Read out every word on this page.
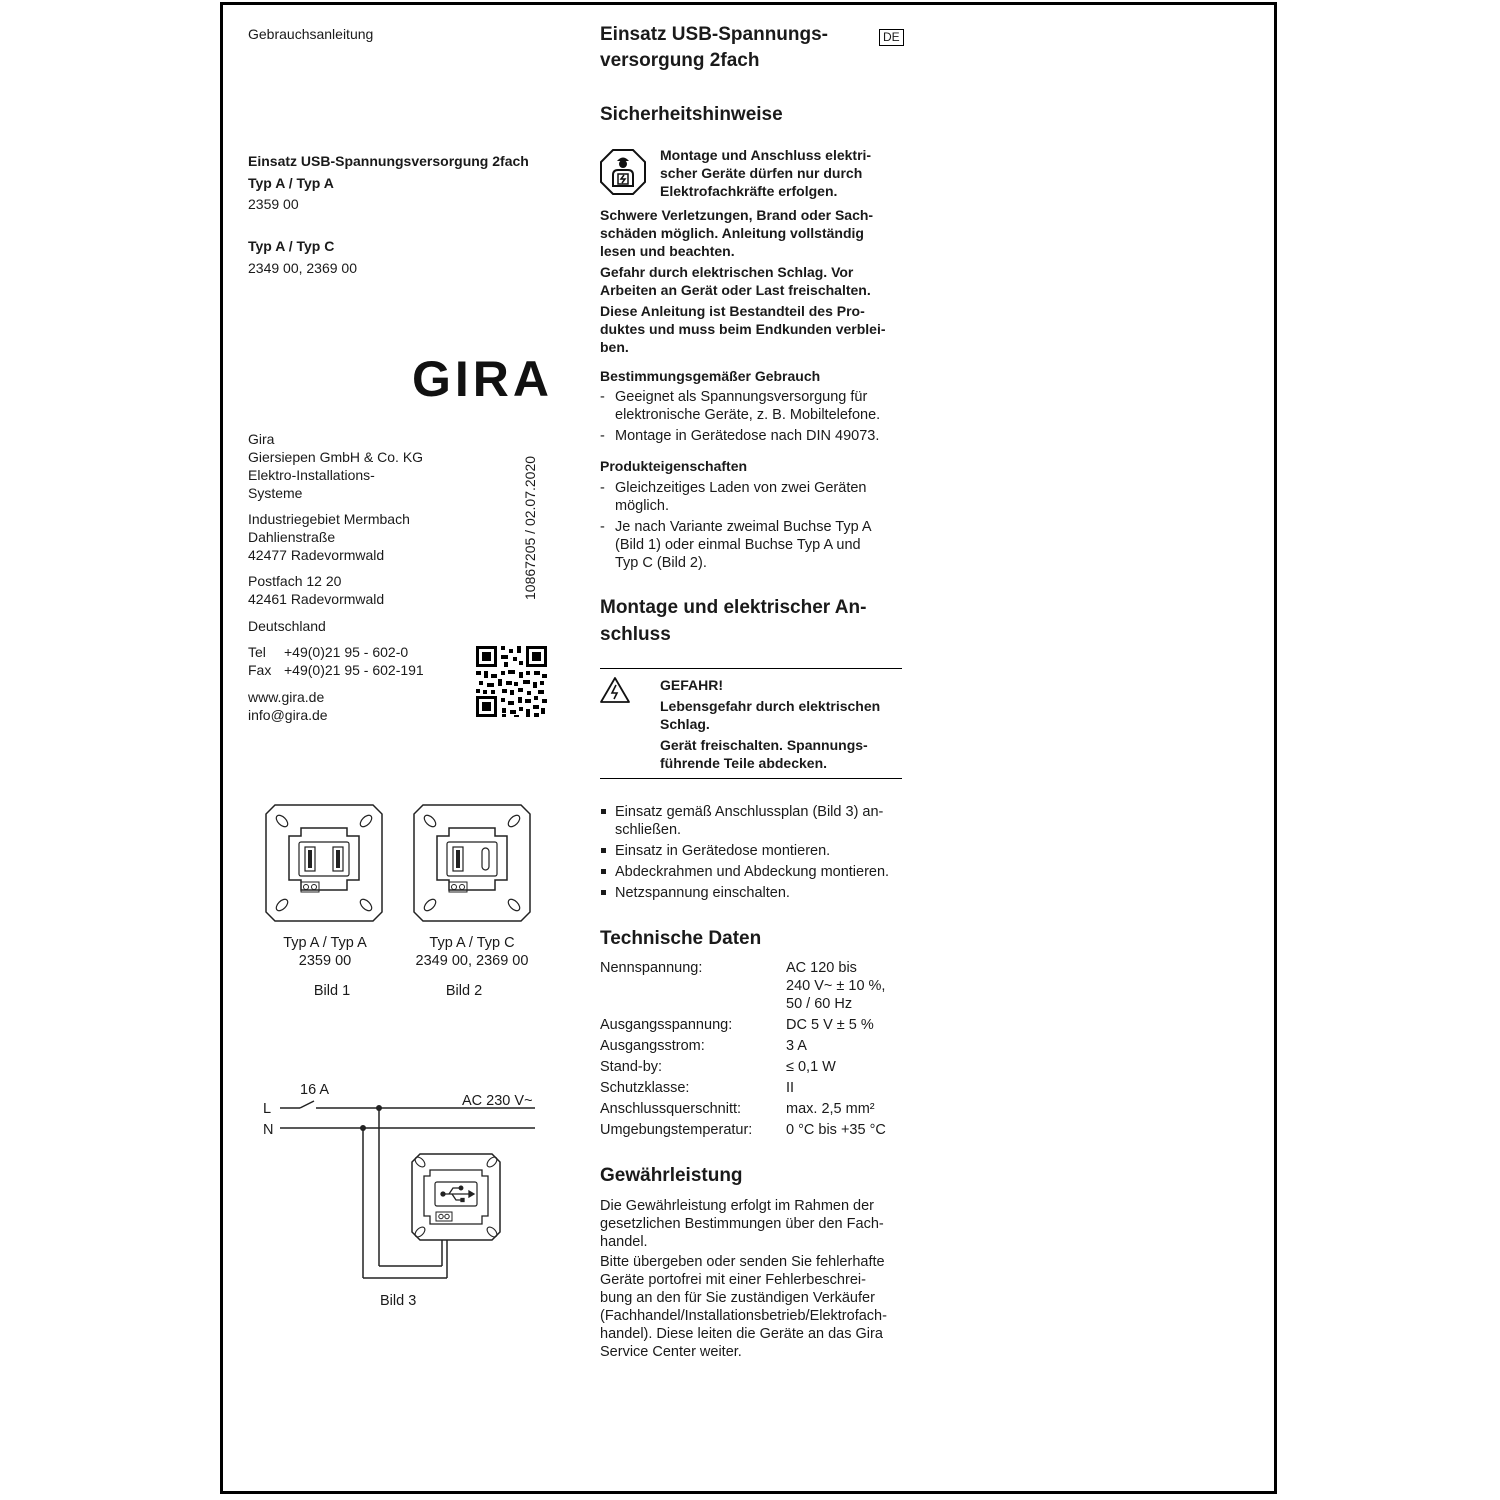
Gebrauchsanleitung
Einsatz USB-Spannungsversorgung 2fach
Typ A / Typ A
2359 00
Typ A / Typ C
2349 00, 2369 00
GIRA
10867205 / 02.07.2020
Gira
Giersiepen GmbH & Co. KG
Elektro-Installations-
Systeme
Industriegebiet Mermbach
Dahlienstraße
42477 Radevormwald
Postfach 12 20
42461 Radevormwald
Deutschland
Tel +49(0)21 95 - 602-0
Fax +49(0)21 95 - 602-191
www.gira.de
info@gira.de
Typ A / Typ A
2359 00
Bild 1
Typ A / Typ C
2349 00, 2369 00
Bild 2
L
N
16 A
AC 230 V~
Bild 3
Einsatz USB-Spannungs-
versorgung 2fach
DE
Sicherheitshinweise
Montage und Anschluss elektri-
scher Geräte dürfen nur durch
Elektrofachkräfte erfolgen.
Schwere Verletzungen, Brand oder Sach-
schäden möglich. Anleitung vollständig
lesen und beachten.
Gefahr durch elektrischen Schlag. Vor
Arbeiten an Gerät oder Last freischalten.
Diese Anleitung ist Bestandteil des Pro-
duktes und muss beim Endkunden verblei-
ben.
Bestimmungsgemäßer Gebrauch
- Geeignet als Spannungsversorgung für
elektronische Geräte, z. B. Mobiltelefone.
- Montage in Gerätedose nach DIN 49073.
Produkteigenschaften
- Gleichzeitiges Laden von zwei Geräten
möglich.
- Je nach Variante zweimal Buchse Typ A
(Bild 1) oder einmal Buchse Typ A und
Typ C (Bild 2).
Montage und elektrischer An-
schluss
GEFAHR!
Lebensgefahr durch elektrischen
Schlag.
Gerät freischalten. Spannungs-
führende Teile abdecken.
Einsatz gemäß Anschlussplan (Bild 3) an-
schließen.
Einsatz in Gerätedose montieren.
Abdeckrahmen und Abdeckung montieren.
Netzspannung einschalten.
Technische Daten
Nennspannung:	AC 120 bis
240 V~ ± 10 %,
50 / 60 Hz
Ausgangsspannung:	DC 5 V ± 5 %
Ausgangsstrom:	3 A
Stand-by:	≤ 0,1 W
Schutzklasse:	II
Anschlussquerschnitt:	max. 2,5 mm²
Umgebungstemperatur:	0 °C bis +35 °C
Gewährleistung
Die Gewährleistung erfolgt im Rahmen der
gesetzlichen Bestimmungen über den Fach-
handel.
Bitte übergeben oder senden Sie fehlerhafte
Geräte portofrei mit einer Fehlerbeschrei-
bung an den für Sie zuständigen Verkäufer
(Fachhandel/Installationsbetrieb/Elektrofach-
handel). Diese leiten die Geräte an das Gira
Service Center weiter.
